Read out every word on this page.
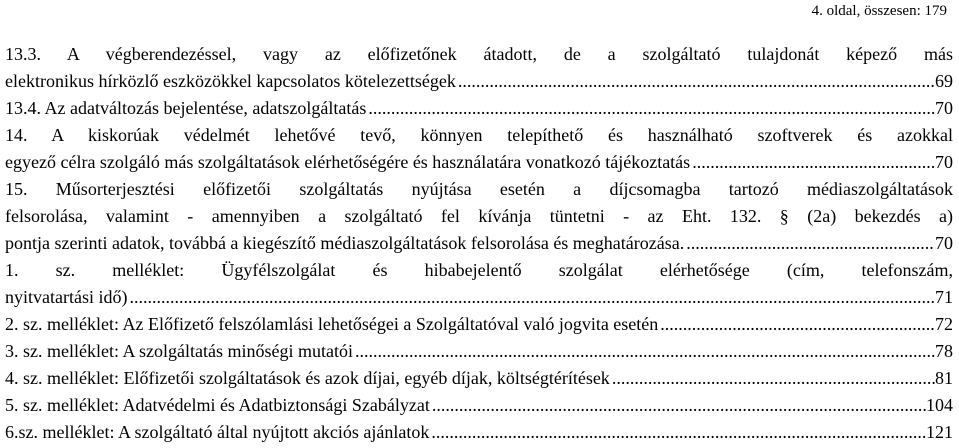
4. oldal, összesen: 179
13.3. A végberendezéssel, vagy az előfizetőnek átadott, de a szolgáltató tulajdonát képező más
elektronikus hírközlő eszközökkel kapcsolatos kötelezettségek .....	69
13.4. Az adatváltozás bejelentése, adatszolgáltatás .....	70
14. A kiskorúak védelmét lehetővé tevő, könnyen telepíthető és használható szoftverek és azokkal
egyező célra szolgáló más szolgáltatások elérhetőségére és használatára vonatkozó tájékoztatás .....	70
15. Műsorterjesztési előfizetői szolgáltatás nyújtása esetén a díjcsomagba tartozó médiaszolgáltatások
felsorolása, valamint - amennyiben a szolgáltató fel kívánja tüntetni - az Eht. 132. § (2a) bekezdés a)
pontja szerinti adatok, továbbá a kiegészítő médiaszolgáltatások felsorolása és meghatározása. .....	70
1. sz. melléklet: Ügyfélszolgálat és hibabejelentő szolgálat elérhetősége (cím, telefonszám,
nyitvatartási idő) .....	71
2. sz. melléklet: Az Előfizető felszólamlási lehetőségei a Szolgáltatóval való jogvita esetén .....	72
3. sz. melléklet: A szolgáltatás minőségi mutatói .....	78
4. sz. melléklet: Előfizetői szolgáltatások és azok díjai, egyéb díjak, költségtérítések .....	81
5. sz. melléklet: Adatvédelmi és Adatbiztonsági Szabályzat .....	104
6.sz. melléklet: A szolgáltató által nyújtott akciós ajánlatok .....	121
